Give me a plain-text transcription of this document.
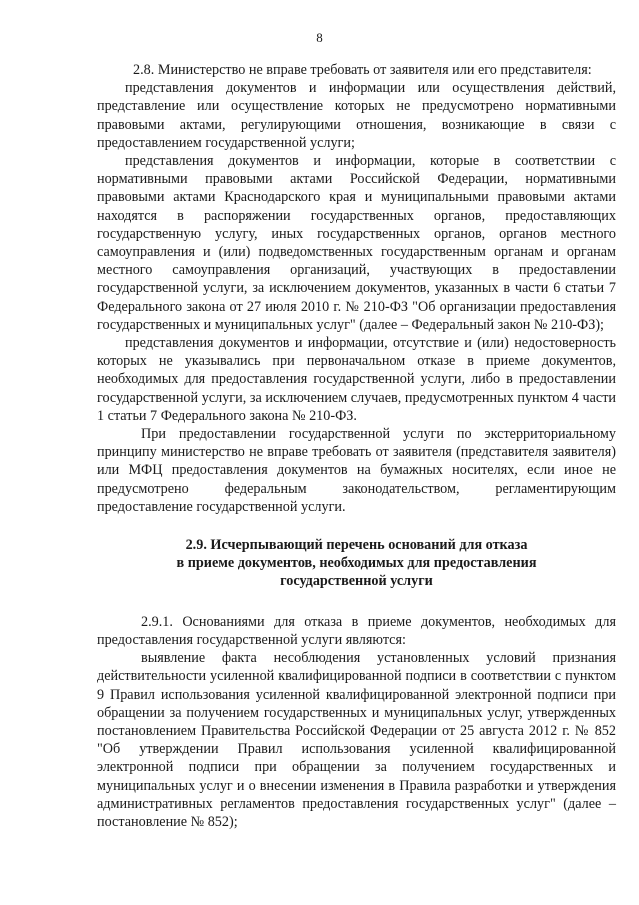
8

2.8. Министерство не вправе требовать от заявителя или его представителя:

представления документов и информации или осуществления действий, представление или осуществление которых не предусмотрено нормативными правовыми актами, регулирующими отношения, возникающие в связи с предоставлением государственной услуги;

представления документов и информации, которые в соответствии с нормативными правовыми актами Российской Федерации, нормативными правовыми актами Краснодарского края и муниципальными правовыми актами находятся в распоряжении государственных органов, предоставляющих государственную услугу, иных государственных органов, органов местного самоуправления и (или) подведомственных государственным органам и органам местного самоуправления организаций, участвующих в предоставлении государственной услуги, за исключением документов, указанных в части 6 статьи 7 Федерального закона от 27 июля 2010 г. № 210-ФЗ "Об организации предоставления государственных и муниципальных услуг" (далее – Федеральный закон № 210-ФЗ);

представления документов и информации, отсутствие и (или) недостоверность которых не указывались при первоначальном отказе в приеме документов, необходимых для предоставления государственной услуги, либо в предоставлении государственной услуги, за исключением случаев, предусмотренных пунктом 4 части 1 статьи 7 Федерального закона № 210-ФЗ.

При предоставлении государственной услуги по экстерриториальному принципу министерство не вправе требовать от заявителя (представителя заявителя) или МФЦ предоставления документов на бумажных носителях, если иное не предусмотрено федеральным законодательством, регламентирующим предоставление государственной услуги.

2.9. Исчерпывающий перечень оснований для отказа
в приеме документов, необходимых для предоставления
государственной услуги

2.9.1. Основаниями для отказа в приеме документов, необходимых для предоставления государственной услуги являются:

выявление факта несоблюдения установленных условий признания действительности усиленной квалифицированной подписи в соответствии с пунктом 9 Правил использования усиленной квалифицированной электронной подписи при обращении за получением государственных и муниципальных услуг, утвержденных постановлением Правительства Российской Федерации от 25 августа 2012 г. № 852 "Об утверждении Правил использования усиленной квалифицированной электронной подписи при обращении за получением государственных и муниципальных услуг и о внесении изменения в Правила разработки и утверждения административных регламентов предоставления государственных услуг" (далее – постановление № 852);
